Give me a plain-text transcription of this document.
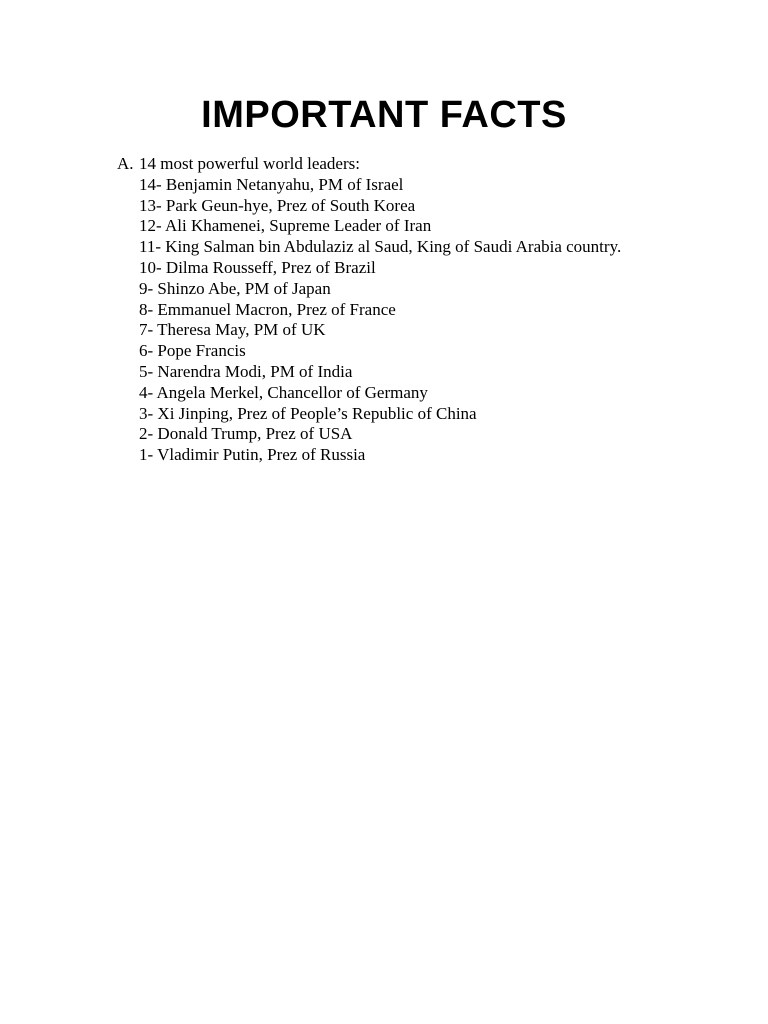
IMPORTANT FACTS
A. 14 most powerful world leaders:
14- Benjamin Netanyahu, PM of Israel
13- Park Geun-hye, Prez of South Korea
12- Ali Khamenei, Supreme Leader of Iran
11- King Salman bin Abdulaziz al Saud, King of Saudi Arabia country.
10- Dilma Rousseff, Prez of Brazil
9- Shinzo Abe, PM of Japan
8- Emmanuel Macron, Prez of France
7- Theresa May, PM of UK
6- Pope Francis
5- Narendra Modi, PM of India
4- Angela Merkel, Chancellor of Germany
3- Xi Jinping, Prez of People’s Republic of China
2- Donald Trump, Prez of USA
1- Vladimir Putin, Prez of Russia
